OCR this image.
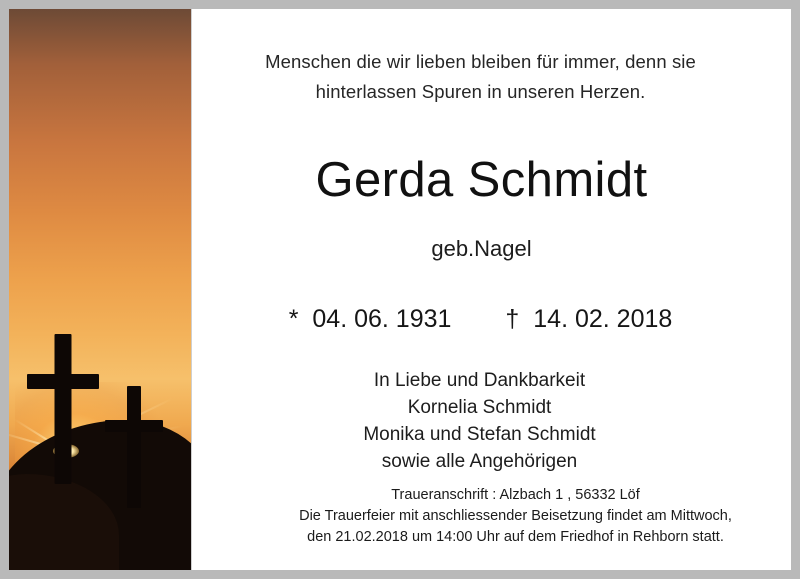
Menschen die wir lieben bleiben für immer, denn sie
hinterlassen Spuren in unseren Herzen.
Gerda Schmidt
geb.Nagel
* 04. 06. 1931 † 14. 02. 2018
In Liebe und Dankbarkeit
Kornelia Schmidt
Monika und Stefan Schmidt
sowie alle Angehörigen
Traueranschrift : Alzbach 1 , 56332 Löf
Die Trauerfeier mit anschliessender Beisetzung findet am Mittwoch,
den 21.02.2018 um 14:00 Uhr auf dem Friedhof in Rehborn statt.
